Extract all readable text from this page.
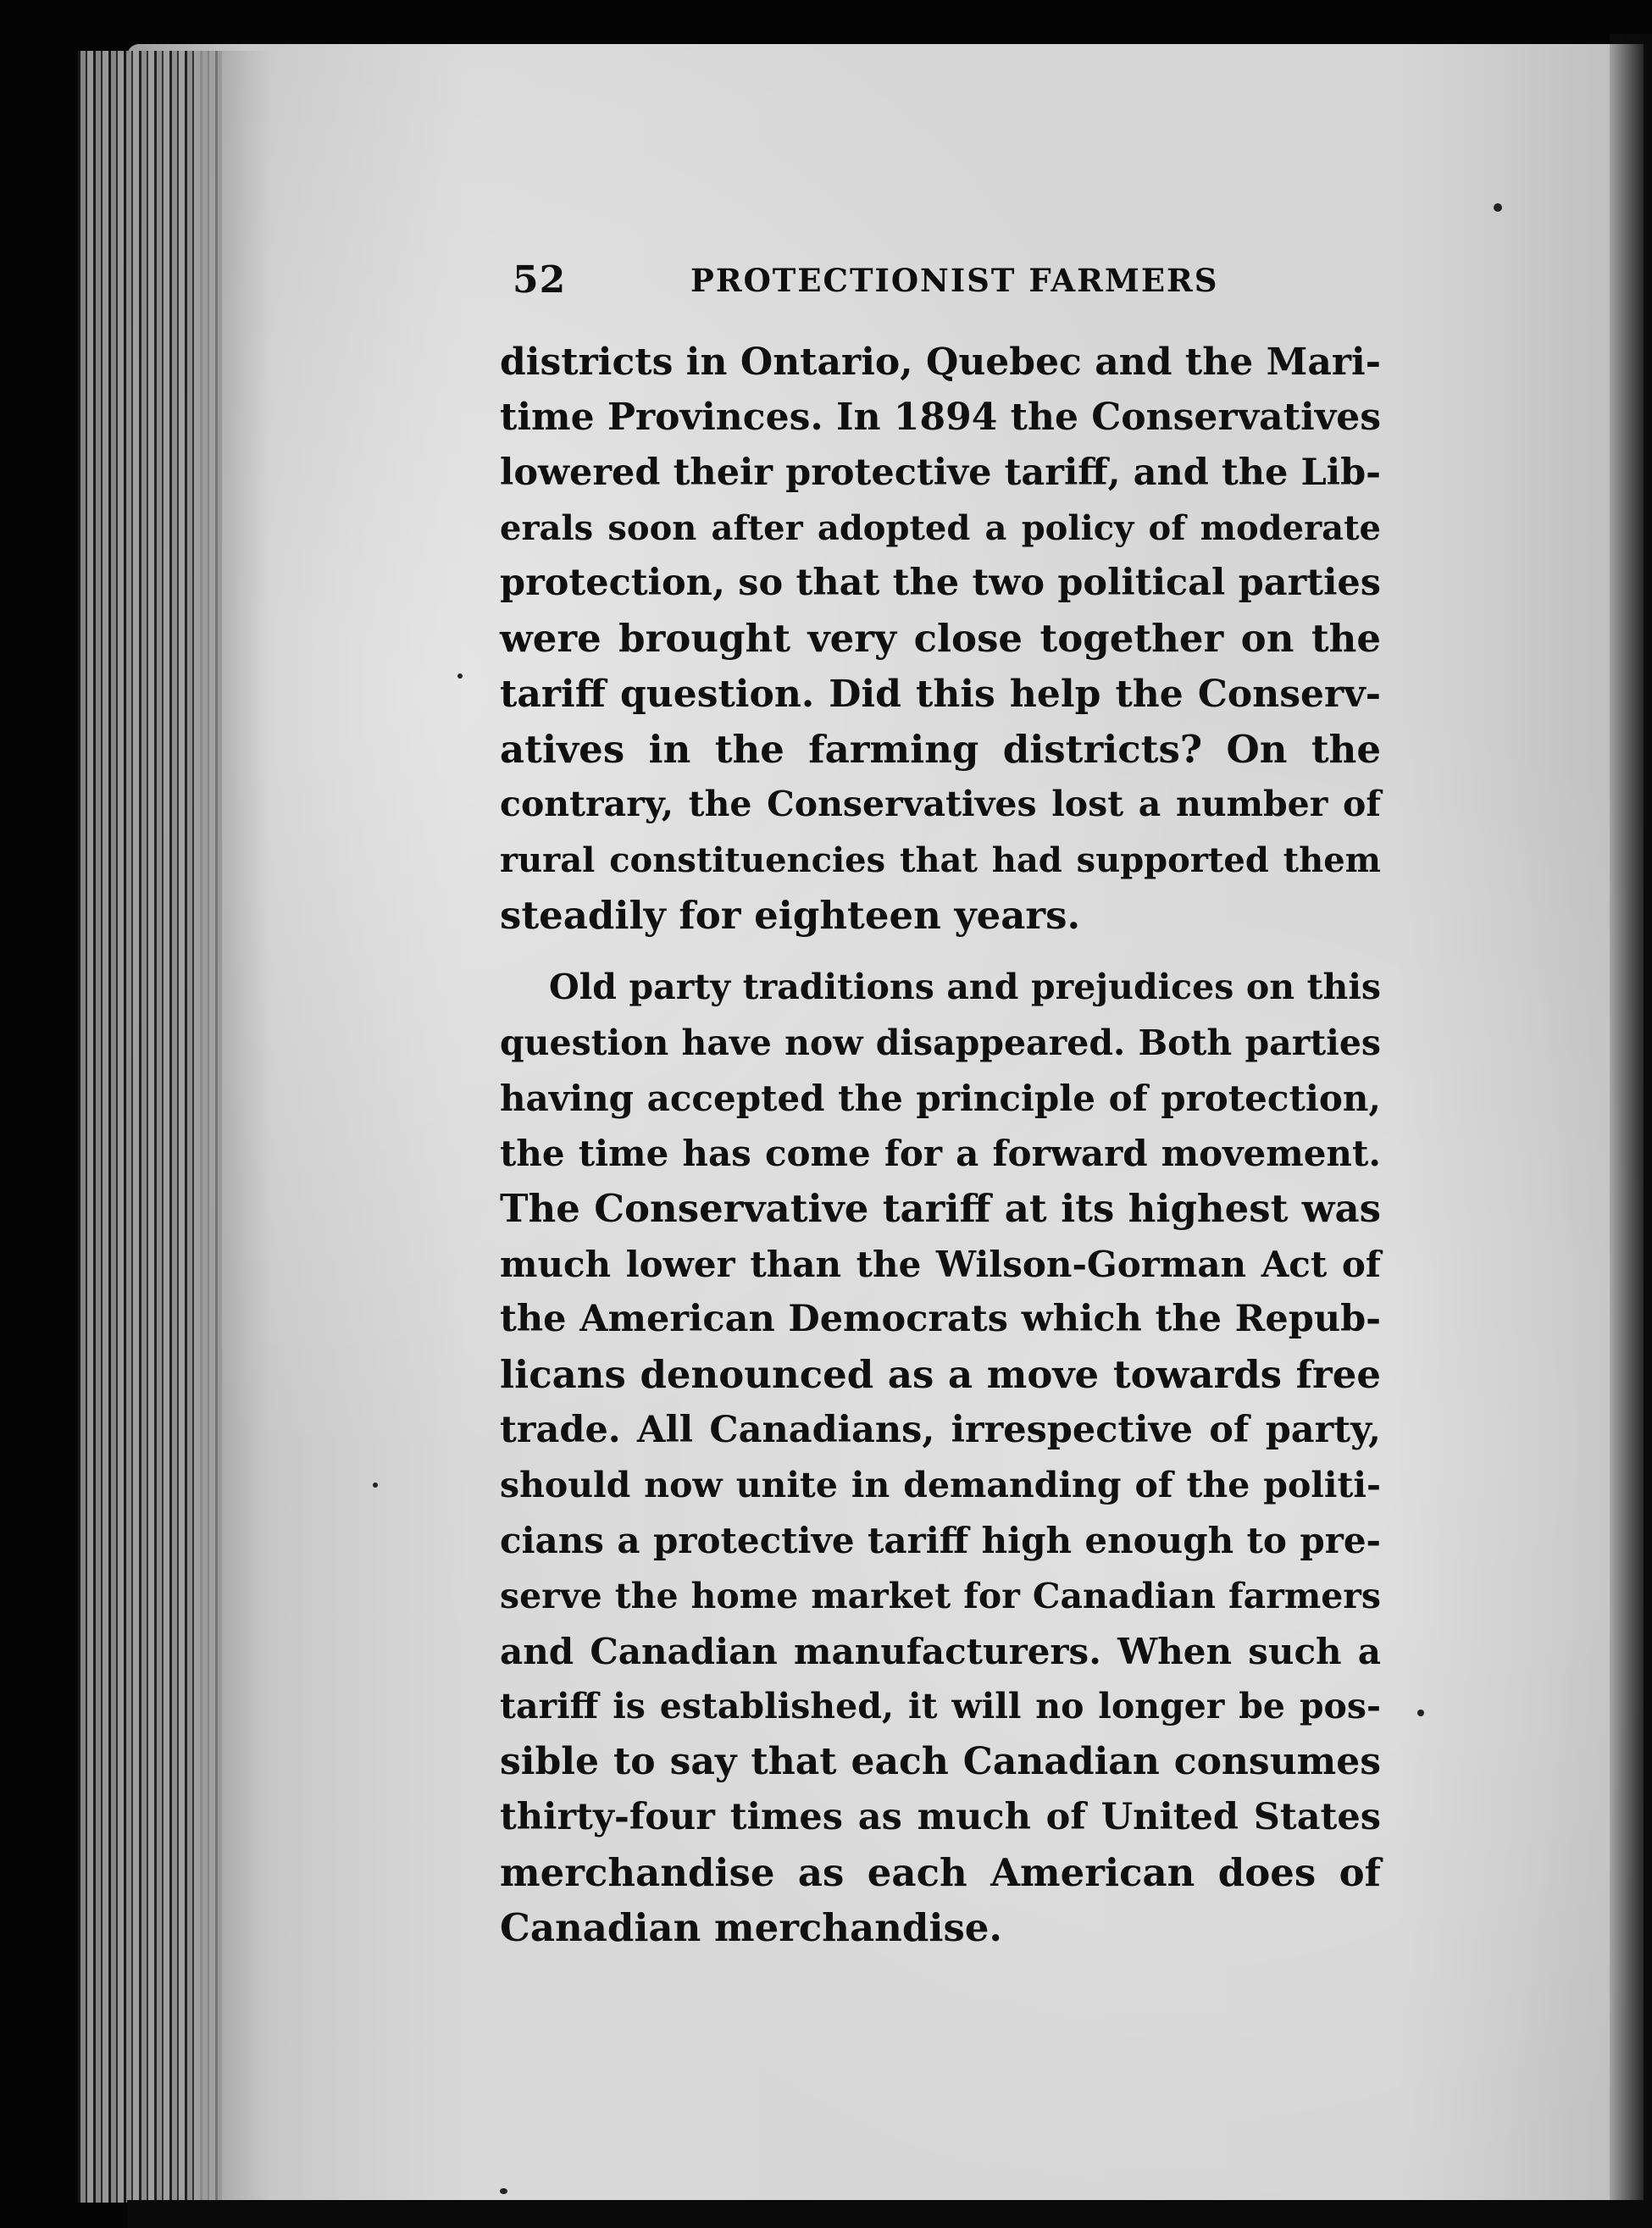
52	PROTECTIONIST FARMERS
districts in Ontario, Quebec and the Mari-
time Provinces. In 1894 the Conservatives
lowered their protective tariff, and the Lib-
erals soon after adopted a policy of moderate
protection, so that the two political parties
were brought very close together on the
tariff question. Did this help the Conserv-
atives in the farming districts? On the
contrary, the Conservatives lost a number of
rural constituencies that had supported them
steadily for eighteen years.
Old party traditions and prejudices on this
question have now disappeared. Both parties
having accepted the principle of protection,
the time has come for a forward movement.
The Conservative tariff at its highest was
much lower than the Wilson-Gorman Act of
the American Democrats which the Repub-
licans denounced as a move towards free
trade. All Canadians, irrespective of party,
should now unite in demanding of the politi-
cians a protective tariff high enough to pre-
serve the home market for Canadian farmers
and Canadian manufacturers. When such a
tariff is established, it will no longer be pos-
sible to say that each Canadian consumes
thirty-four times as much of United States
merchandise as each American does of
Canadian merchandise.
